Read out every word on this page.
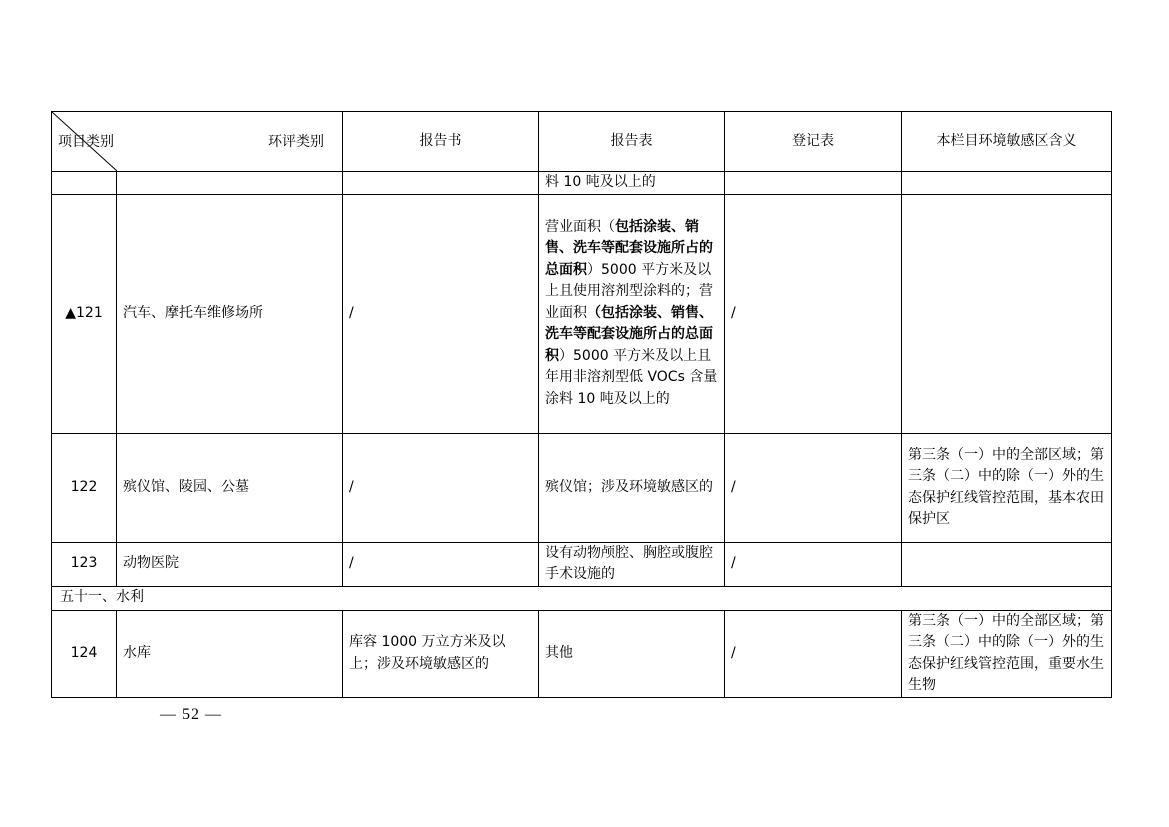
项目类别 环评类别		报告书	报告表	登记表	本栏目环境敏感区含义
			料 10 吨及以上的		
▲121	汽车、摩托车维修场所	/	营业面积（包括涂装、销售、洗车等配套设施所占的总面积）5000 平方米及以上且使用溶剂型涂料的；营业面积（包括涂装、销售、洗车等配套设施所占的总面积）5000 平方米及以上且年用非溶剂型低 VOCs 含量涂料 10 吨及以上的	/	
122	殡仪馆、陵园、公墓	/	殡仪馆；涉及环境敏感区的	/	第三条（一）中的全部区域；第三条（二）中的除（一）外的生态保护红线管控范围，基本农田保护区
123	动物医院	/	设有动物颅腔、胸腔或腹腔手术设施的	/	
五十一、水利					
124	水库	库容 1000 万立方米及以上；涉及环境敏感区的	其他	/	第三条（一）中的全部区域；第三条（二）中的除（一）外的生态保护红线管控范围，重要水生生物
— 52 —
